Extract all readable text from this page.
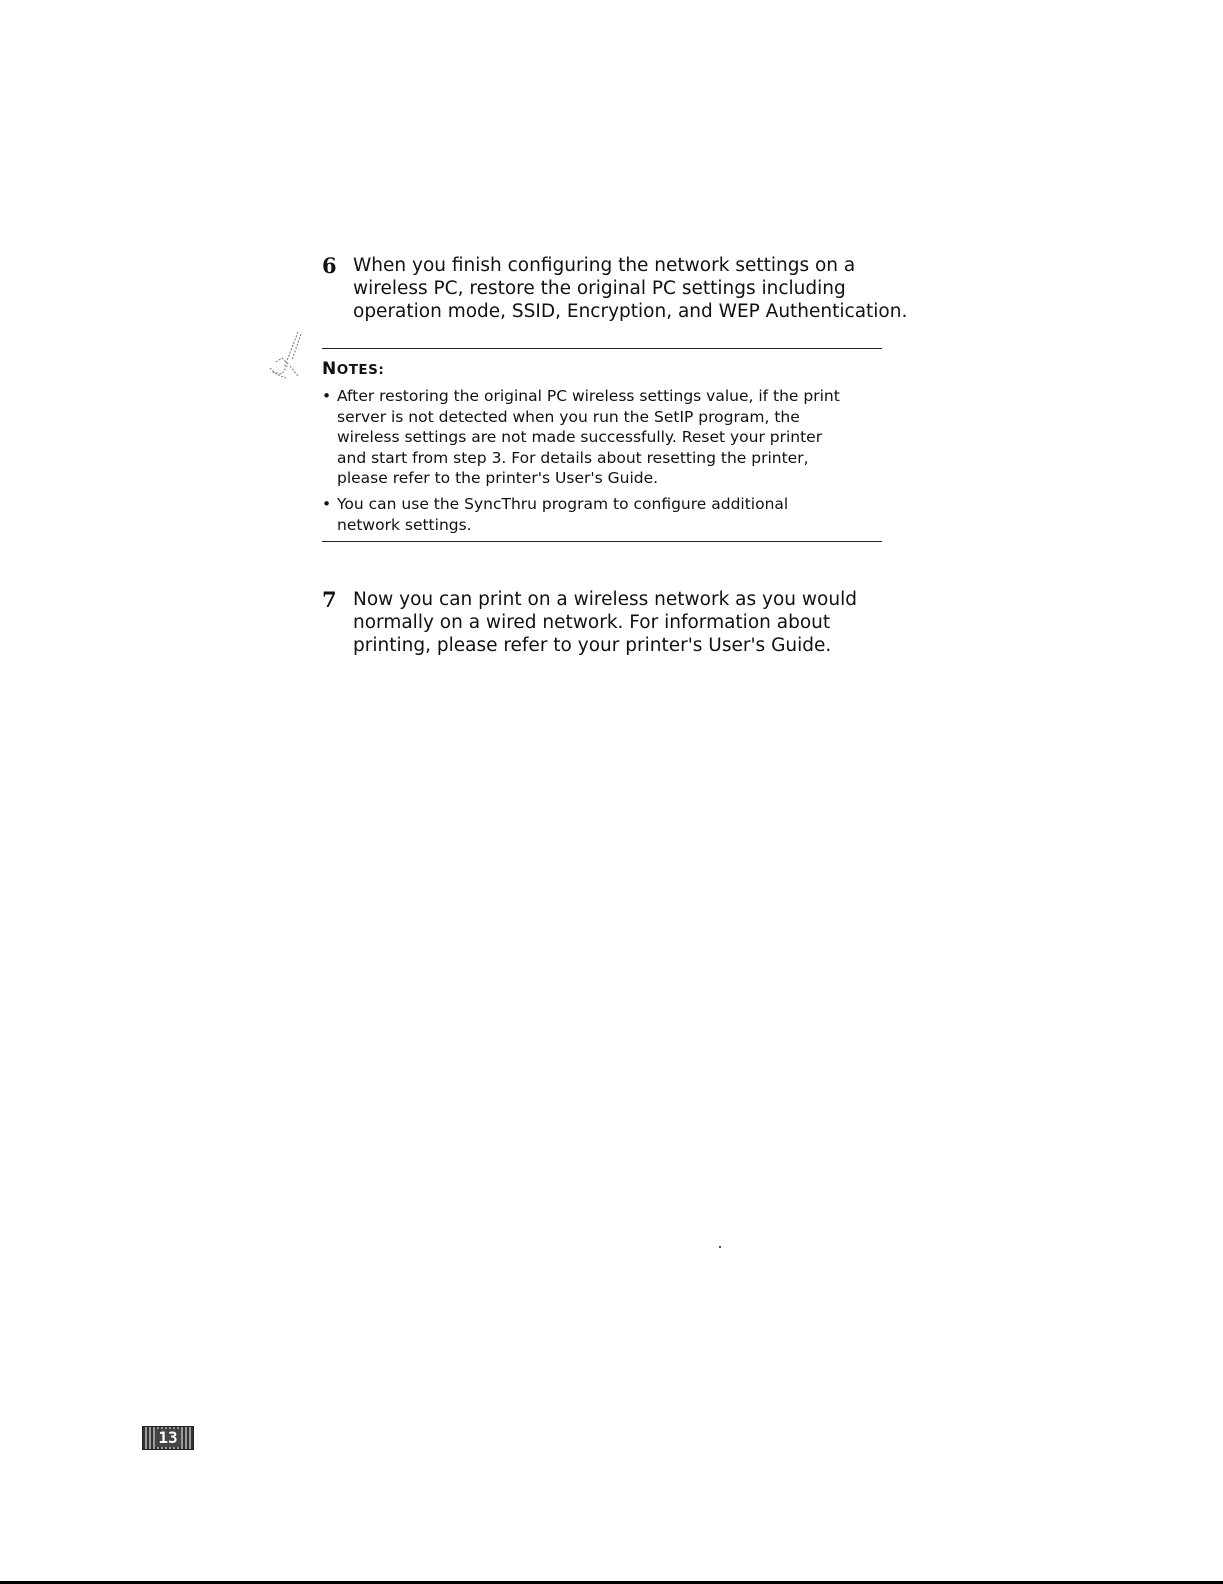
6 When you finish configuring the network settings on a
wireless PC, restore the original PC settings including
operation mode, SSID, Encryption, and WEP Authentication.
NOTES:
• After restoring the original PC wireless settings value, if the print
server is not detected when you run the SetIP program, the
wireless settings are not made successfully. Reset your printer
and start from step 3. For details about resetting the printer,
please refer to the printer's User's Guide.
• You can use the SyncThru program to configure additional
network settings.
7 Now you can print on a wireless network as you would
normally on a wired network. For information about
printing, please refer to your printer's User's Guide.
13
